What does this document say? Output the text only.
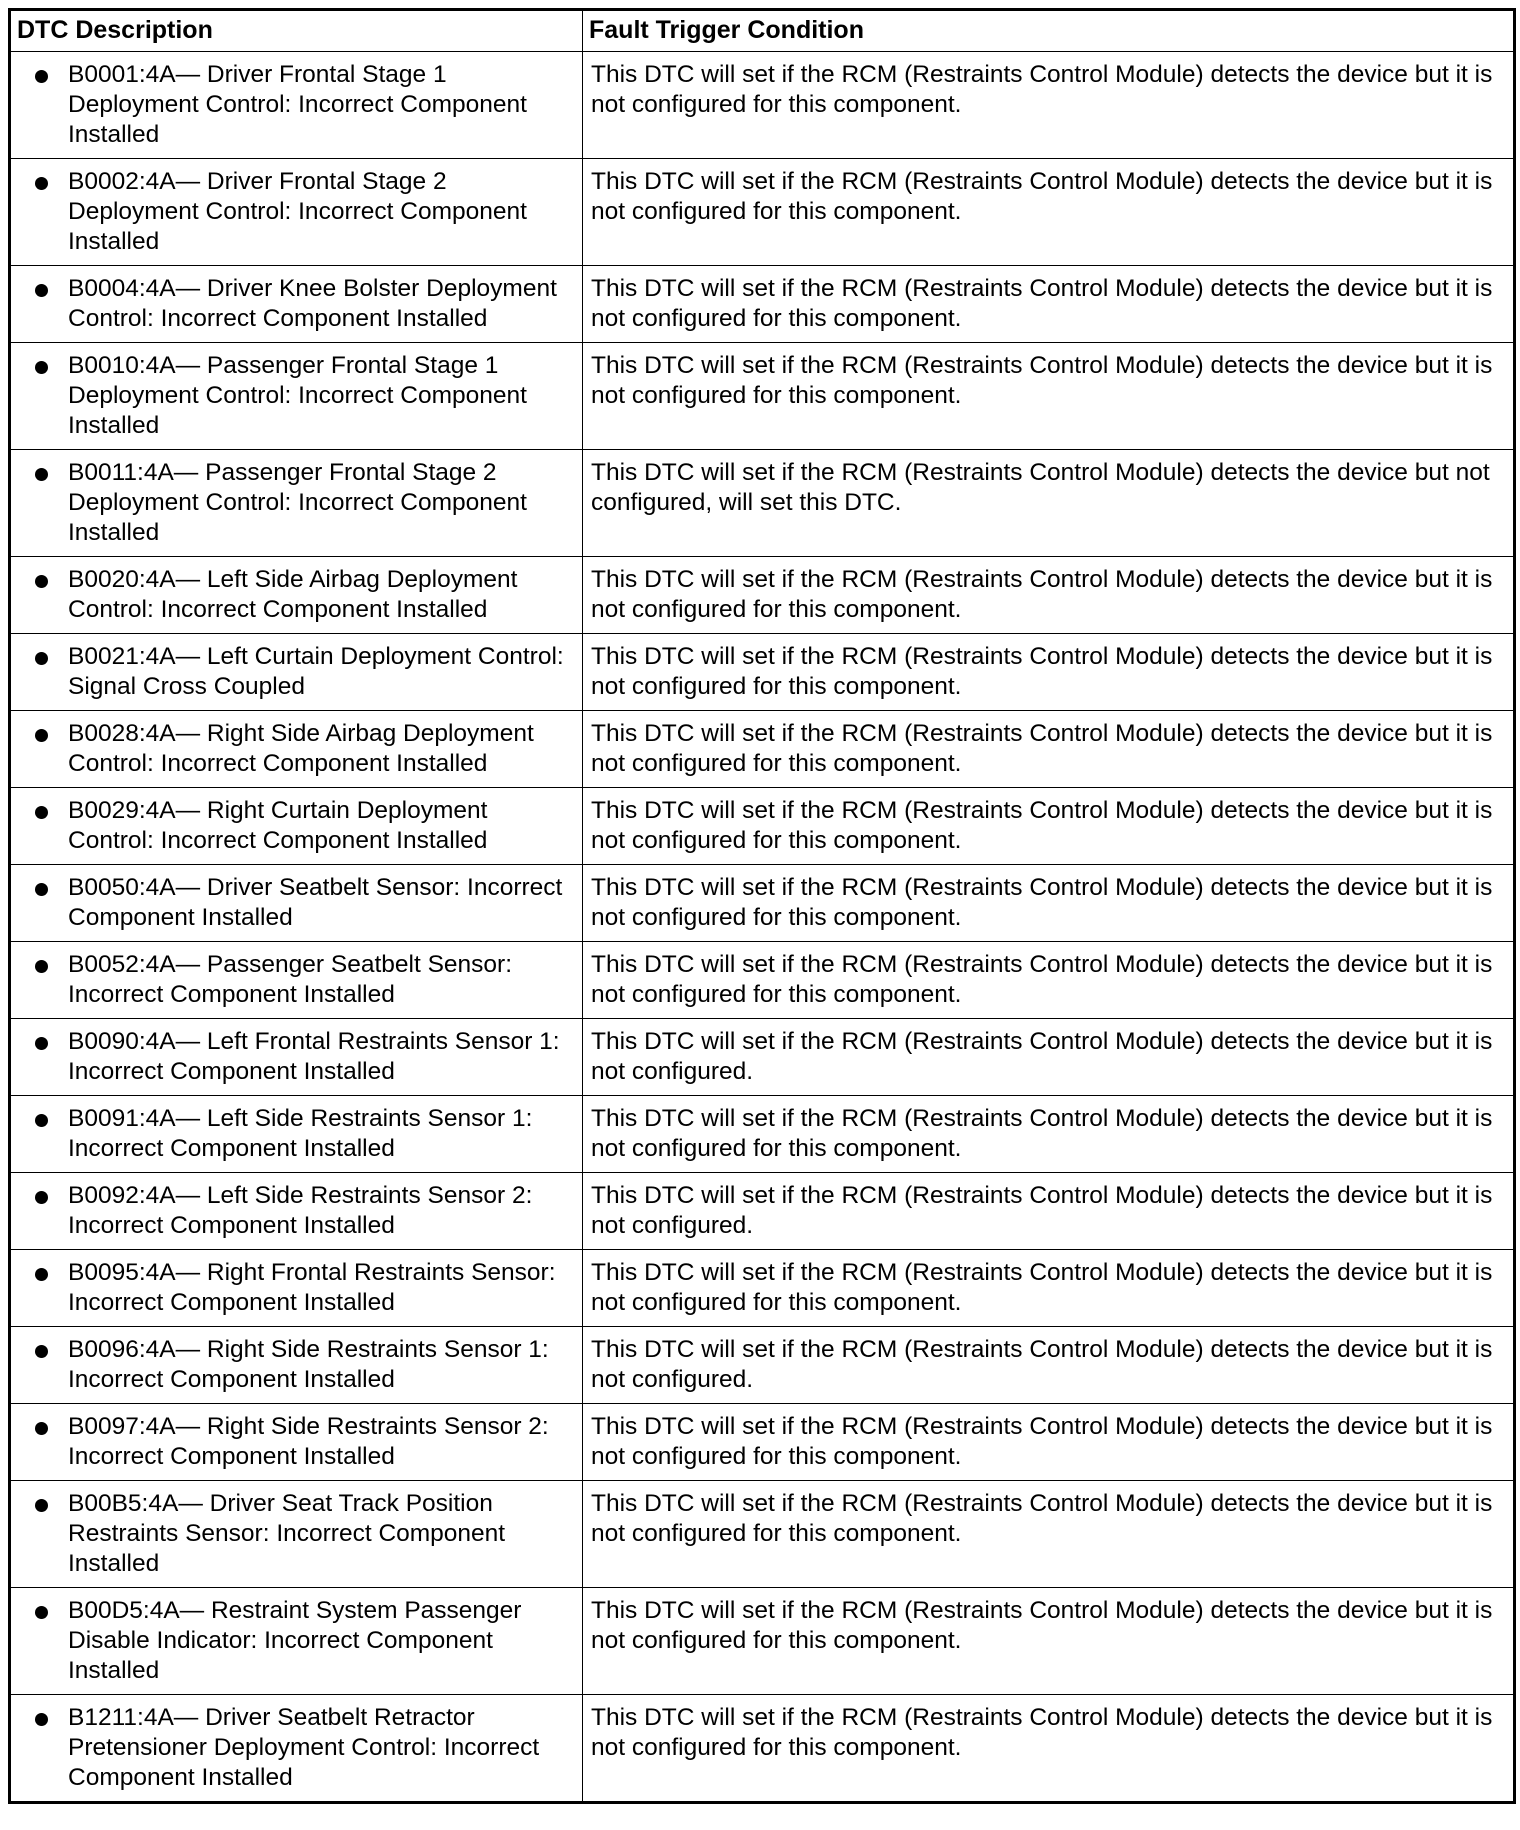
DTC Description	Fault Trigger Condition

B0001:4A— Driver Frontal Stage 1 Deployment Control: Incorrect Component Installed	This DTC will set if the RCM (Restraints Control Module) detects the device but it is not configured for this component.

B0002:4A— Driver Frontal Stage 2 Deployment Control: Incorrect Component Installed	This DTC will set if the RCM (Restraints Control Module) detects the device but it is not configured for this component.

B0004:4A— Driver Knee Bolster Deployment Control: Incorrect Component Installed	This DTC will set if the RCM (Restraints Control Module) detects the device but it is not configured for this component.

B0010:4A— Passenger Frontal Stage 1 Deployment Control: Incorrect Component Installed	This DTC will set if the RCM (Restraints Control Module) detects the device but it is not configured for this component.

B0011:4A— Passenger Frontal Stage 2 Deployment Control: Incorrect Component Installed	This DTC will set if the RCM (Restraints Control Module) detects the device but not configured, will set this DTC.

B0020:4A— Left Side Airbag Deployment Control: Incorrect Component Installed	This DTC will set if the RCM (Restraints Control Module) detects the device but it is not configured for this component.

B0021:4A— Left Curtain Deployment Control: Signal Cross Coupled	This DTC will set if the RCM (Restraints Control Module) detects the device but it is not configured for this component.

B0028:4A— Right Side Airbag Deployment Control: Incorrect Component Installed	This DTC will set if the RCM (Restraints Control Module) detects the device but it is not configured for this component.

B0029:4A— Right Curtain Deployment Control: Incorrect Component Installed	This DTC will set if the RCM (Restraints Control Module) detects the device but it is not configured for this component.

B0050:4A— Driver Seatbelt Sensor: Incorrect Component Installed	This DTC will set if the RCM (Restraints Control Module) detects the device but it is not configured for this component.

B0052:4A— Passenger Seatbelt Sensor: Incorrect Component Installed	This DTC will set if the RCM (Restraints Control Module) detects the device but it is not configured for this component.

B0090:4A— Left Frontal Restraints Sensor 1: Incorrect Component Installed	This DTC will set if the RCM (Restraints Control Module) detects the device but it is not configured.

B0091:4A— Left Side Restraints Sensor 1: Incorrect Component Installed	This DTC will set if the RCM (Restraints Control Module) detects the device but it is not configured for this component.

B0092:4A— Left Side Restraints Sensor 2: Incorrect Component Installed	This DTC will set if the RCM (Restraints Control Module) detects the device but it is not configured.

B0095:4A— Right Frontal Restraints Sensor: Incorrect Component Installed	This DTC will set if the RCM (Restraints Control Module) detects the device but it is not configured for this component.

B0096:4A— Right Side Restraints Sensor 1: Incorrect Component Installed	This DTC will set if the RCM (Restraints Control Module) detects the device but it is not configured.

B0097:4A— Right Side Restraints Sensor 2: Incorrect Component Installed	This DTC will set if the RCM (Restraints Control Module) detects the device but it is not configured for this component.

B00B5:4A— Driver Seat Track Position Restraints Sensor: Incorrect Component Installed	This DTC will set if the RCM (Restraints Control Module) detects the device but it is not configured for this component.

B00D5:4A— Restraint System Passenger Disable Indicator: Incorrect Component Installed	This DTC will set if the RCM (Restraints Control Module) detects the device but it is not configured for this component.

B1211:4A— Driver Seatbelt Retractor Pretensioner Deployment Control: Incorrect Component Installed	This DTC will set if the RCM (Restraints Control Module) detects the device but it is not configured for this component.
